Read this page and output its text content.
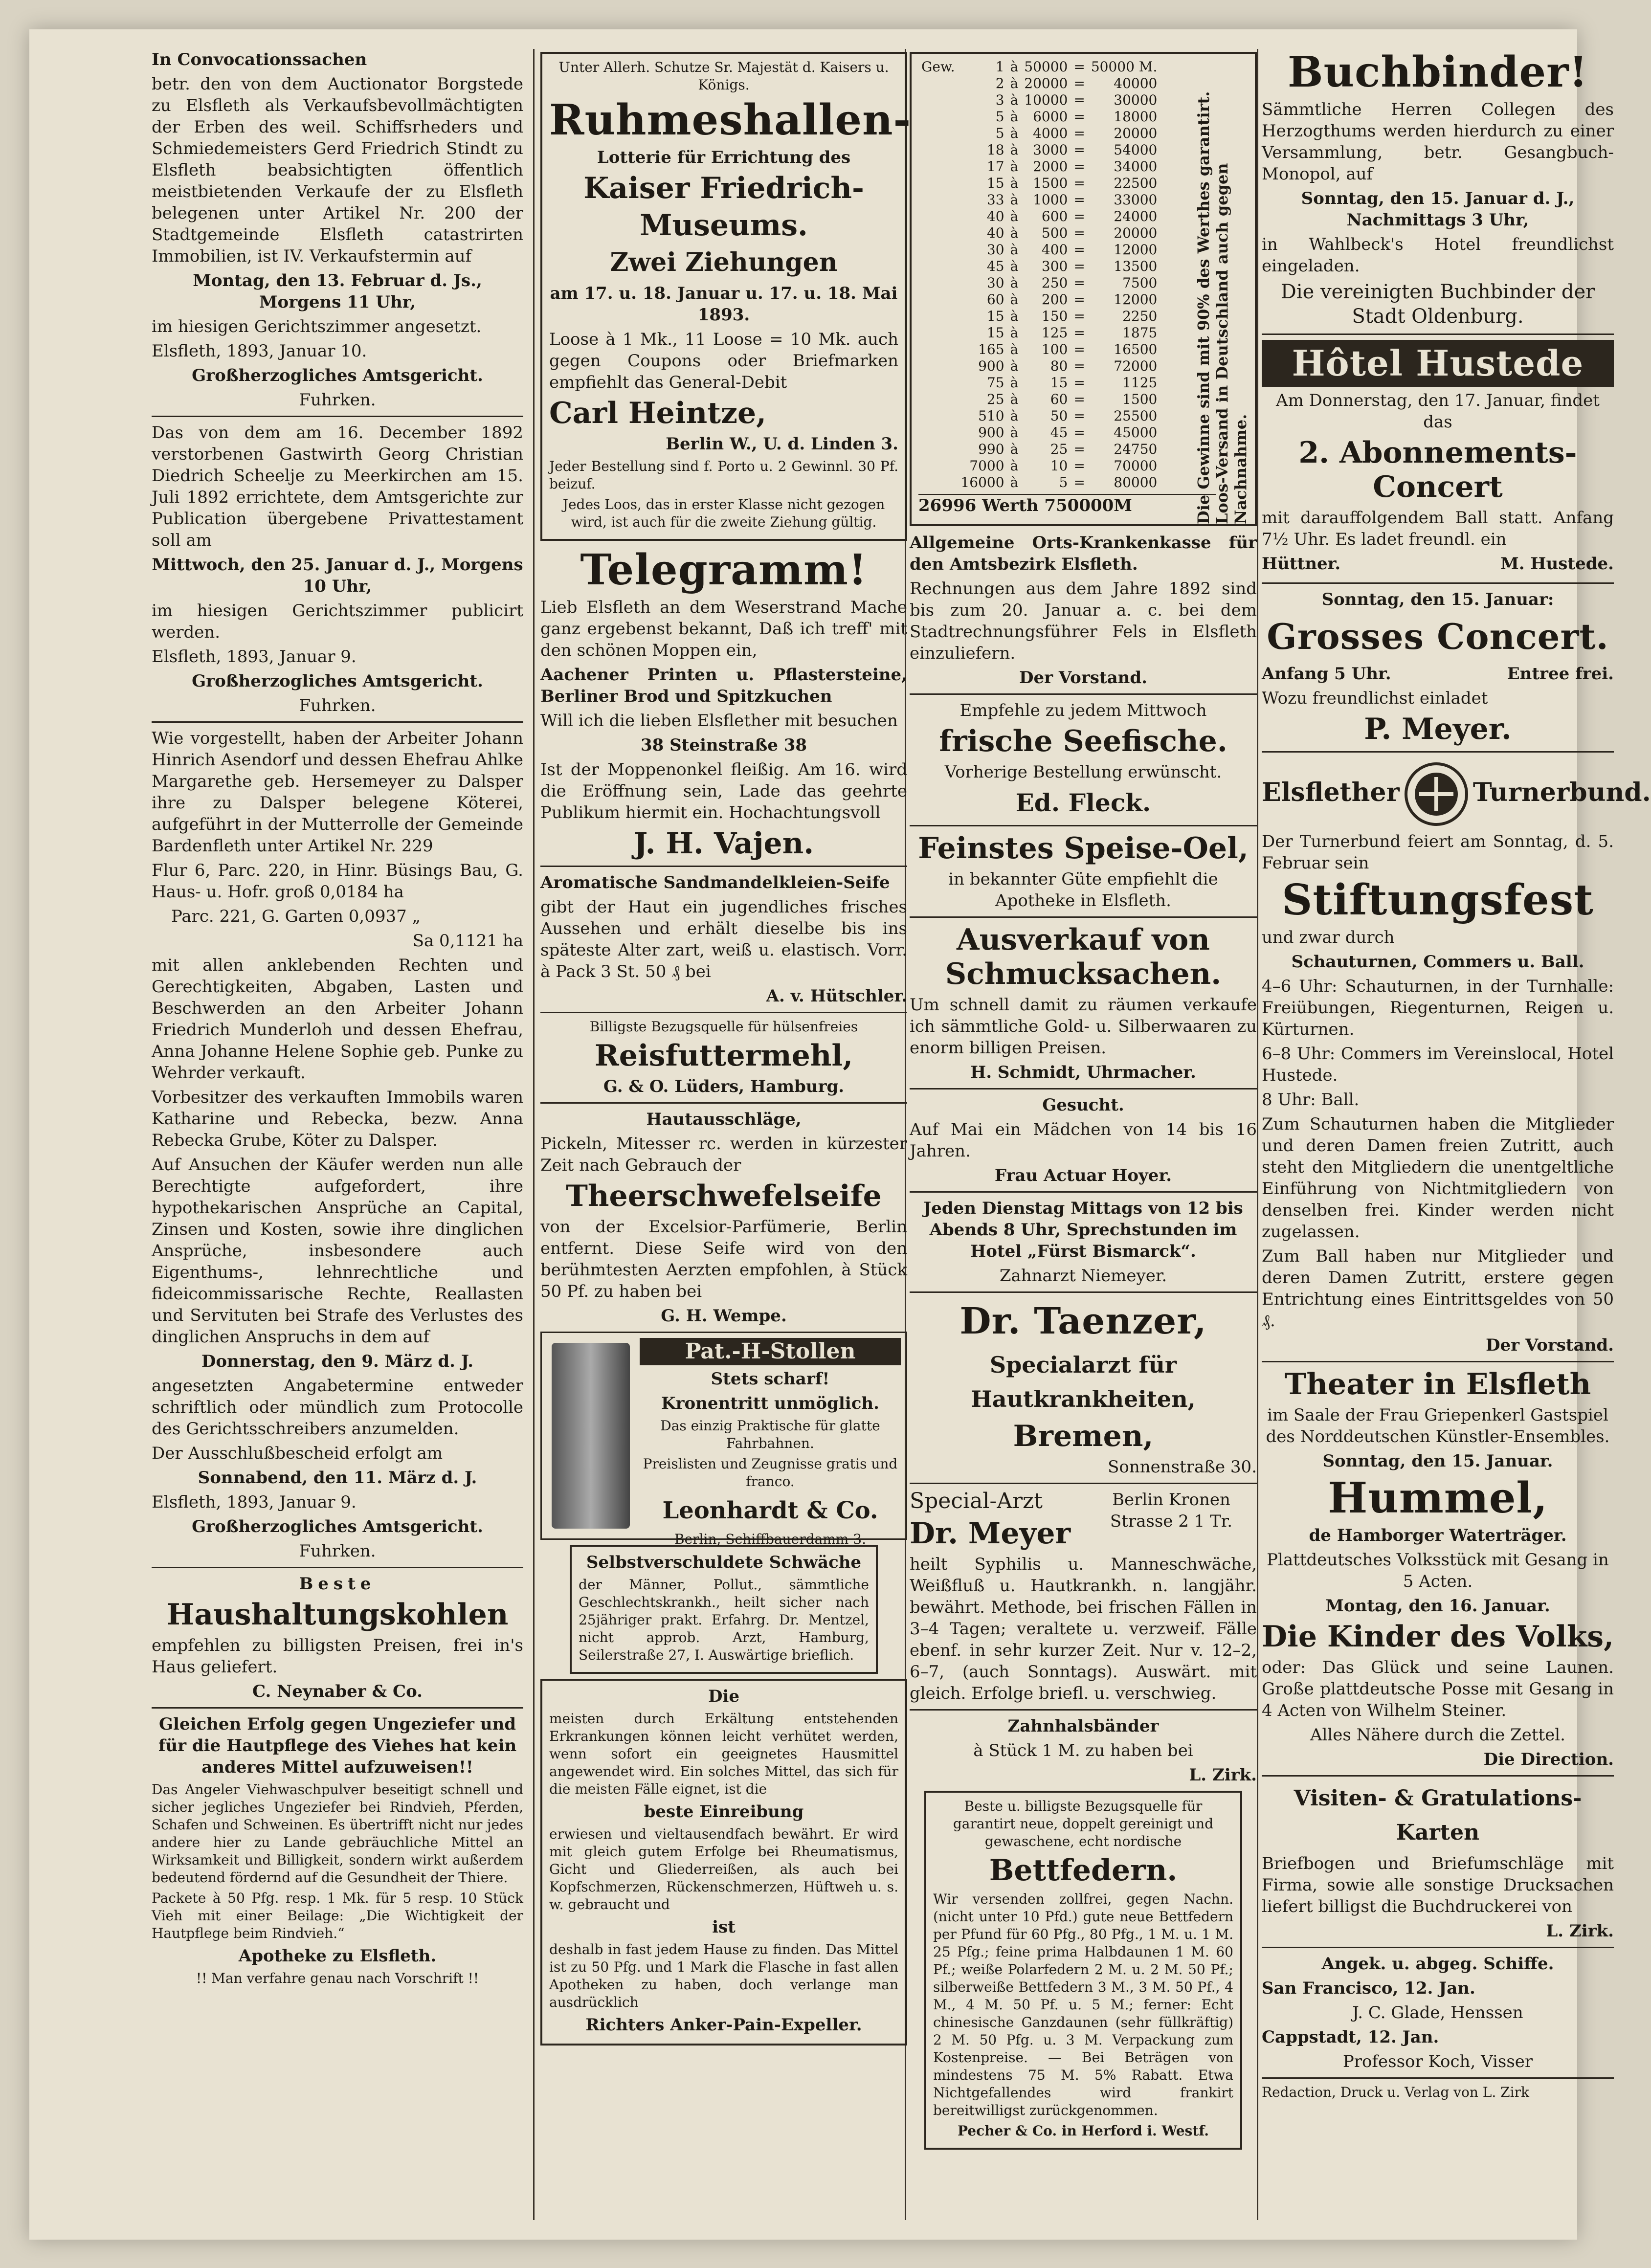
In Convocationssachen

betr. den von dem Auctionator Borgstede zu Elsfleth als Verkaufsbevollmächtigten der Erben des weil. Schiffsrheders und Schmiedemeisters Gerd Friedrich Stindt zu Elsfleth beabsichtigten öffentlich meistbietenden Verkaufe der zu Elsfleth belegenen unter Artikel Nr. 200 der Stadtgemeinde Elsfleth catastrirten Immobilien, ist IV. Verkaufstermin auf

Montag, den 13. Februar d. Js., Morgens 11 Uhr,

im hiesigen Gerichtszimmer angesetzt.

Elsfleth, 1893, Januar 10.

Großherzogliches Amtsgericht.

Fuhrken.

Das von dem am 16. December 1892 verstorbenen Gastwirth Georg Christian Diedrich Scheelje zu Meerkirchen am 15. Juli 1892 errichtete, dem Amtsgerichte zur Publication übergebene Privattestament soll am

Mittwoch, den 25. Januar d. J., Morgens 10 Uhr,

im hiesigen Gerichtszimmer publicirt werden.

Elsfleth, 1893, Januar 9.

Großherzogliches Amtsgericht.

Fuhrken.

Wie vorgestellt, haben der Arbeiter Johann Hinrich Asendorf und dessen Ehefrau Ahlke Margarethe geb. Hersemeyer zu Dalsper ihre zu Dalsper belegene Köterei, aufgeführt in der Mutterrolle der Gemeinde Bardenfleth unter Artikel Nr. 229

Flur 6, Parc. 220, in Hinr. Büsings Bau, G. Haus- u. Hofr. groß 0,0184 ha

Parc. 221, G. Garten 0,0937 „

Sa 0,1121 ha

mit allen anklebenden Rechten und Gerechtigkeiten, Abgaben, Lasten und Beschwerden an den Arbeiter Johann Friedrich Munderloh und dessen Ehefrau, Anna Johanne Helene Sophie geb. Punke zu Wehrder verkauft.

Vorbesitzer des verkauften Immobils waren Katharine und Rebecka, bezw. Anna Rebecka Grube, Köter zu Dalsper.

Auf Ansuchen der Käufer werden nun alle Berechtigte aufgefordert, ihre hypothekarischen Ansprüche an Capital, Zinsen und Kosten, sowie ihre dinglichen Ansprüche, insbesondere auch Eigenthums-, lehnrechtliche und fideicommissarische Rechte, Reallasten und Servituten bei Strafe des Verlustes des dinglichen Anspruchs in dem auf

Donnerstag, den 9. März d. J.

angesetzten Angabetermine entweder schriftlich oder mündlich zum Protocolle des Gerichtsschreibers anzumelden.

Der Ausschlußbescheid erfolgt am

Sonnabend, den 11. März d. J.

Elsfleth, 1893, Januar 9.

Großherzogliches Amtsgericht.

Fuhrken.

Beste

Haushaltungskohlen

empfehlen zu billigsten Preisen, frei in's Haus geliefert.

C. Neynaber & Co.

Gleichen Erfolg gegen Ungeziefer und für die Hautpflege des Viehes hat kein anderes Mittel aufzuweisen!!

Das Angeler Viehwaschpulver beseitigt schnell und sicher jegliches Ungeziefer bei Rindvieh, Pferden, Schafen und Schweinen. Es übertrifft nicht nur jedes andere hier zu Lande gebräuchliche Mittel an Wirksamkeit und Billigkeit, sondern wirkt außerdem bedeutend fördernd auf die Gesundheit der Thiere.

Packete à 50 Pfg. resp. 1 Mk. für 5 resp. 10 Stück Vieh mit einer Beilage: „Die Wichtigkeit der Hautpflege beim Rindvieh.“

Apotheke zu Elsfleth.

!! Man verfahre genau nach Vorschrift !!

Unter Allerh. Schutze Sr. Majestät d. Kaisers u. Königs.

Ruhmeshallen-

Lotterie für Errichtung des

Kaiser Friedrich-

Museums.

Zwei Ziehungen

am 17. u. 18. Januar u. 17. u. 18. Mai 1893.

Loose à 1 Mk., 11 Loose = 10 Mk. auch gegen Coupons oder Briefmarken empfiehlt das General-Debit

Carl Heintze,

Berlin W., U. d. Linden 3.

Jeder Bestellung sind f. Porto u. 2 Gewinnl. 30 Pf. beizuf.

Jedes Loos, das in erster Klasse nicht gezogen wird, ist auch für die zweite Ziehung gültig.

Telegramm!

Lieb Elsfleth an dem Weserstrand Mache ganz ergebenst bekannt, Daß ich treff' mit den schönen Moppen ein,

Aachener Printen u. Pflastersteine, Berliner Brod und Spitzkuchen

Will ich die lieben Elsflether mit besuchen

38 Steinstraße 38

Ist der Moppenonkel fleißig. Am 16. wird die Eröffnung sein, Lade das geehrte Publikum hiermit ein. Hochachtungsvoll

J. H. Vajen.

Aromatische Sandmandelkleien-Seife

gibt der Haut ein jugendliches frisches Aussehen und erhält dieselbe bis ins späteste Alter zart, weiß u. elastisch. Vorr. à Pack 3 St. 50 ₰ bei

A. v. Hütschler.

Billigste Bezugsquelle für hülsenfreies

Reisfuttermehl,

G. & O. Lüders, Hamburg.

Hautausschläge,

Pickeln, Mitesser rc. werden in kürzester Zeit nach Gebrauch der

Theerschwefelseife

von der Excelsior-Parfümerie, Berlin entfernt. Diese Seife wird von den berühmtesten Aerzten empfohlen, à Stück 50 Pf. zu haben bei

G. H. Wempe.

Pat.-H-Stollen

Stets scharf!

Kronentritt unmöglich.

Das einzig Praktische für glatte Fahrbahnen.

Preislisten und Zeugnisse gratis und franco.

Leonhardt & Co.

Berlin, Schiffbauerdamm 3.

Selbstverschuldete Schwäche

der Männer, Pollut., sämmtliche Geschlechtskrankh., heilt sicher nach 25jähriger prakt. Erfahrg. Dr. Mentzel, nicht approb. Arzt, Hamburg, Seilerstraße 27, I. Auswärtige brieflich.

Die

meisten durch Erkältung entstehenden Erkrankungen können leicht verhütet werden, wenn sofort ein geeignetes Hausmittel angewendet wird. Ein solches Mittel, das sich für die meisten Fälle eignet, ist die

beste Einreibung

erwiesen und vieltausendfach bewährt. Er wird mit gleich gutem Erfolge bei Rheumatismus, Gicht und Gliederreißen, als auch bei Kopfschmerzen, Rückenschmerzen, Hüftweh u. s. w. gebraucht und

ist

deshalb in fast jedem Hause zu finden. Das Mittel ist zu 50 Pfg. und 1 Mark die Flasche in fast allen Apotheken zu haben, doch verlange man ausdrücklich

Richters Anker-Pain-Expeller.

Gew.	1	à	50000	=	50000 M.
	2	à	20000	=	40000
	3	à	10000	=	30000
	5	à	6000	=	18000
	5	à	4000	=	20000
	18	à	3000	=	54000
	17	à	2000	=	34000
	15	à	1500	=	22500
	33	à	1000	=	33000
	40	à	600	=	24000
	40	à	500	=	20000
	30	à	400	=	12000
	45	à	300	=	13500
	30	à	250	=	7500
	60	à	200	=	12000
	15	à	150	=	2250
	15	à	125	=	1875
	165	à	100	=	16500
	900	à	80	=	72000
	75	à	15	=	1125
	25	à	60	=	1500
	510	à	50	=	25500
	900	à	45	=	45000
	990	à	25	=	24750
	7000	à	10	=	70000
	16000	à	5	=	80000

26996 Werth 750000M	Die Gewinne sind mit 90% des Werthes garantirt. Loos-Versand in Deutschland auch gegen Nachnahme.

Allgemeine Orts-Krankenkasse für den Amtsbezirk Elsfleth.

Rechnungen aus dem Jahre 1892 sind bis zum 20. Januar a. c. bei dem Stadtrechnungsführer Fels in Elsfleth einzuliefern.

Der Vorstand.

Empfehle zu jedem Mittwoch

frische Seefische.

Vorherige Bestellung erwünscht.

Ed. Fleck.

Feinstes Speise-Oel,

in bekannter Güte empfiehlt die Apotheke in Elsfleth.

Ausverkauf von Schmucksachen.

Um schnell damit zu räumen verkaufe ich sämmtliche Gold- u. Silberwaaren zu enorm billigen Preisen.

H. Schmidt, Uhrmacher.

Gesucht.

Auf Mai ein Mädchen von 14 bis 16 Jahren.

Frau Actuar Hoyer.

Jeden Dienstag Mittags von 12 bis Abends 8 Uhr, Sprechstunden im Hotel „Fürst Bismarck“.

Zahnarzt Niemeyer.

Dr. Taenzer,

Specialarzt für Hautkrankheiten,

Bremen,

Sonnenstraße 30.

Special-Arzt

Dr. Meyer

Berlin Kronen Strasse 2 1 Tr.

heilt Syphilis u. Manneschwäche, Weißfluß u. Hautkrankh. n. langjähr. bewährt. Methode, bei frischen Fällen in 3–4 Tagen; veraltete u. verzweif. Fälle ebenf. in sehr kurzer Zeit. Nur v. 12–2, 6–7, (auch Sonntags). Auswärt. mit gleich. Erfolge briefl. u. verschwieg.

Zahnhalsbänder

à Stück 1 M. zu haben bei

L. Zirk.

Beste u. billigste Bezugsquelle für garantirt neue, doppelt gereinigt und gewaschene, echt nordische

Bettfedern.

Wir versenden zollfrei, gegen Nachn. (nicht unter 10 Pfd.) gute neue Bettfedern per Pfund für 60 Pfg., 80 Pfg., 1 M. u. 1 M. 25 Pfg.; feine prima Halbdaunen 1 M. 60 Pf.; weiße Polarfedern 2 M. u. 2 M. 50 Pf.; silberweiße Bettfedern 3 M., 3 M. 50 Pf., 4 M., 4 M. 50 Pf. u. 5 M.; ferner: Echt chinesische Ganzdaunen (sehr füllkräftig) 2 M. 50 Pfg. u. 3 M. Verpackung zum Kostenpreise. — Bei Beträgen von mindestens 75 M. 5% Rabatt. Etwa Nichtgefallendes wird frankirt bereitwilligst zurückgenommen.

Pecher & Co. in Herford i. Westf.

Buchbinder!

Sämmtliche Herren Collegen des Herzogthums werden hierdurch zu einer Versammlung, betr. Gesangbuch-Monopol, auf

Sonntag, den 15. Januar d. J., Nachmittags 3 Uhr,

in Wahlbeck's Hotel freundlichst eingeladen.

Die vereinigten Buchbinder der Stadt Oldenburg.

Hôtel Hustede

Am Donnerstag, den 17. Januar, findet das

2. Abonnements-Concert

mit darauffolgendem Ball statt. Anfang 7½ Uhr. Es ladet freundl. ein

Hüttner.	M. Hustede.

Sonntag, den 15. Januar:

Grosses Concert.

Anfang 5 Uhr.	Entree frei.

Wozu freundlichst einladet

P. Meyer.

Elsflether	Turnerbund.

Der Turnerbund feiert am Sonntag, d. 5. Februar sein

Stiftungsfest

und zwar durch

Schauturnen, Commers u. Ball.

4–6 Uhr: Schauturnen, in der Turnhalle: Freiübungen, Riegenturnen, Reigen u. Kürturnen.

6–8 Uhr: Commers im Vereinslocal, Hotel Hustede.

8 Uhr: Ball.

Zum Schauturnen haben die Mitglieder und deren Damen freien Zutritt, auch steht den Mitgliedern die unentgeltliche Einführung von Nichtmitgliedern von denselben frei. Kinder werden nicht zugelassen.

Zum Ball haben nur Mitglieder und deren Damen Zutritt, erstere gegen Entrichtung eines Eintrittsgeldes von 50 ₰.

Der Vorstand.

Theater in Elsfleth

im Saale der Frau Griepenkerl Gastspiel des Norddeutschen Künstler-Ensembles.

Sonntag, den 15. Januar.

Hummel,

de Hamborger Waterträger.

Plattdeutsches Volksstück mit Gesang in 5 Acten.

Montag, den 16. Januar.

Die Kinder des Volks,

oder: Das Glück und seine Launen. Große plattdeutsche Posse mit Gesang in 4 Acten von Wilhelm Steiner.

Alles Nähere durch die Zettel.

Die Direction.

Visiten- & Gratulations-Karten

Briefbogen und Briefumschläge mit Firma, sowie alle sonstige Drucksachen liefert billigst die Buchdruckerei von

L. Zirk.

Angek. u. abgeg. Schiffe.

San Francisco, 12. Jan.

J. C. Glade, Henssen

Cappstadt, 12. Jan.

Professor Koch, Visser

Redaction, Druck u. Verlag von L. Zirk
